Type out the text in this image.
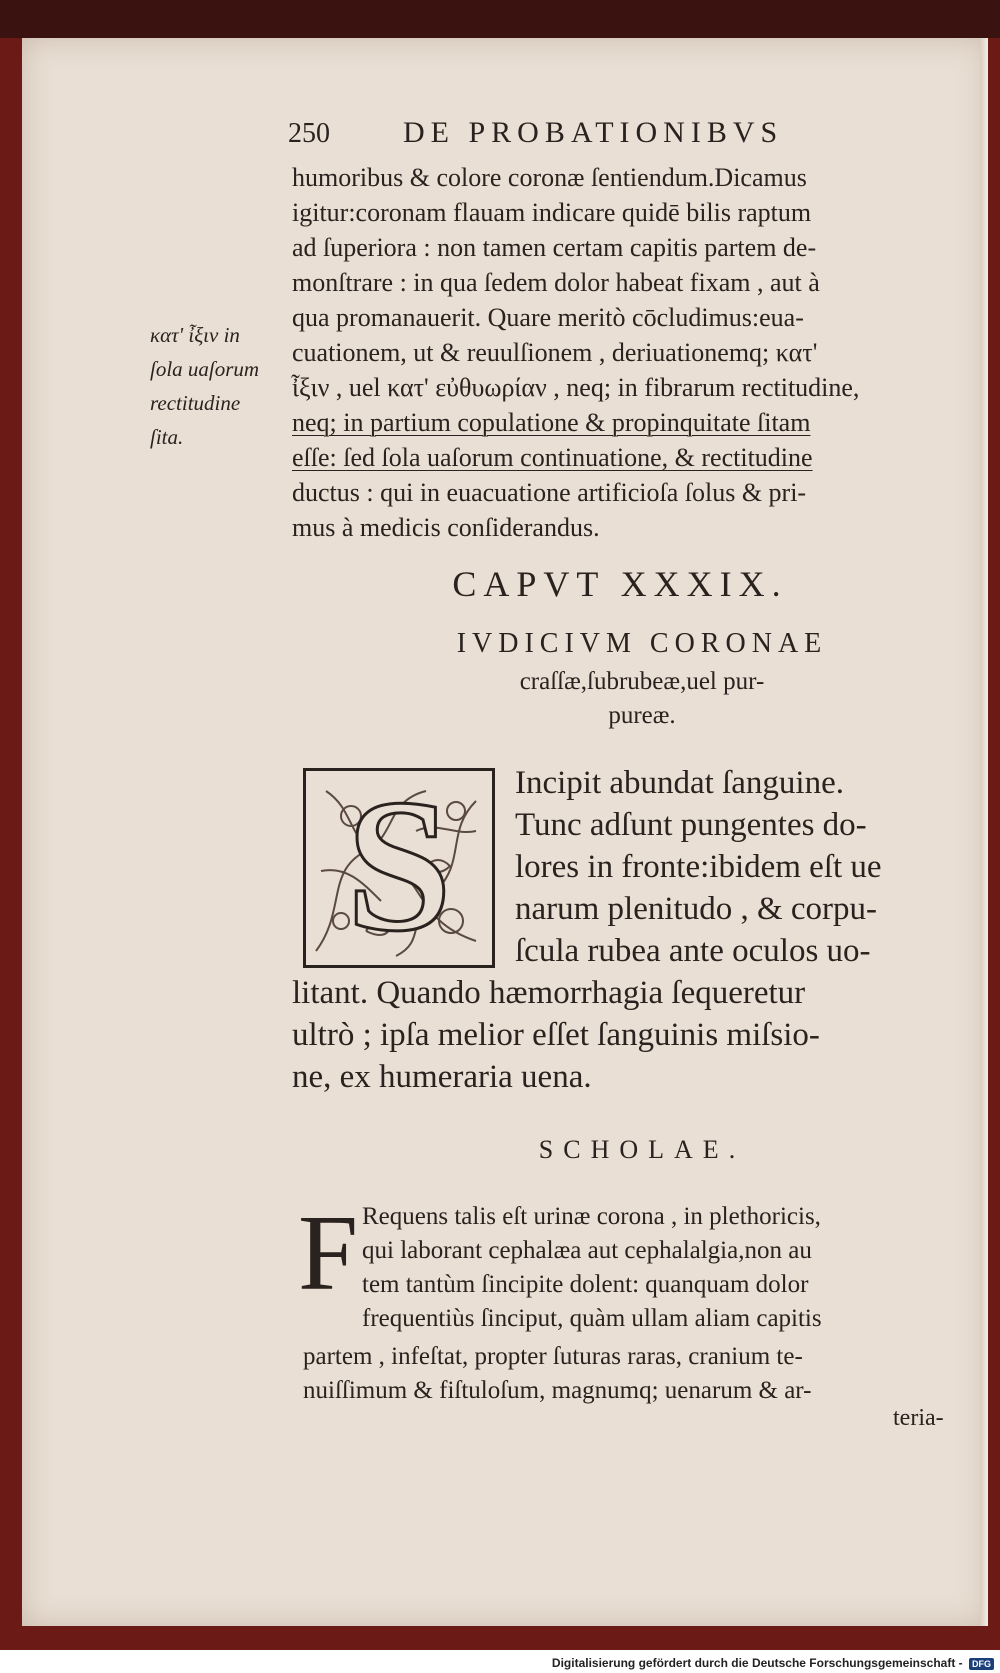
250 DE PROBATIONIBVS
humoribus & colore coronæ ſentiendum.Dicamus
igitur:coronam flauam indicare quidē bilis raptum
ad ſuperiora : non tamen certam capitis partem de-
monſtrare : in qua ſedem dolor habeat fixam , aut à
qua promanauerit. Quare meritò cōcludimus:eua-
cuationem, ut & reuulſionem , deriuationemq; κατ'
ἶξιν , uel κατ' εὐθυωρίαν , neq; in fibrarum rectitudine,
neq; in partium copulatione & propinquitate ſitam
eſſe: ſed ſola uaſorum continuatione, & rectitudine
ductus : qui in euacuatione artificioſa ſolus & pri-
mus à medicis conſiderandus.
κατ' ἶξιν in
ſola uaſorum
rectitudine
ſita.
CAPVT XXXIX.
IVDICIVM CORONAE
craſſæ,ſubrubeæ,uel pur-
pureæ.
S	Incipit abundat ſanguine.
Tunc adſunt pungentes do-
lores in fronte:ibidem eſt ue
narum plenitudo , & corpu-
ſcula rubea ante oculos uo-
litant. Quando hæmorrhagia ſequeretur
ultrò ; ipſa melior eſſet ſanguinis miſsio-
ne, ex humeraria uena.
SCHOLAE.
F Requens talis eſt urinæ corona , in plethoricis,
qui laborant cephalæa aut cephalalgia,non au
tem tantùm ſincipite dolent: quanquam dolor
frequentiùs ſinciput, quàm ullam aliam capitis
partem , infeſtat, propter ſuturas raras, cranium te-
nuiſſimum & fiſtuloſum, magnumq; uenarum & ar-
teria-
Digitalisierung gefördert durch die Deutsche Forschungsgemeinschaft - DFG
